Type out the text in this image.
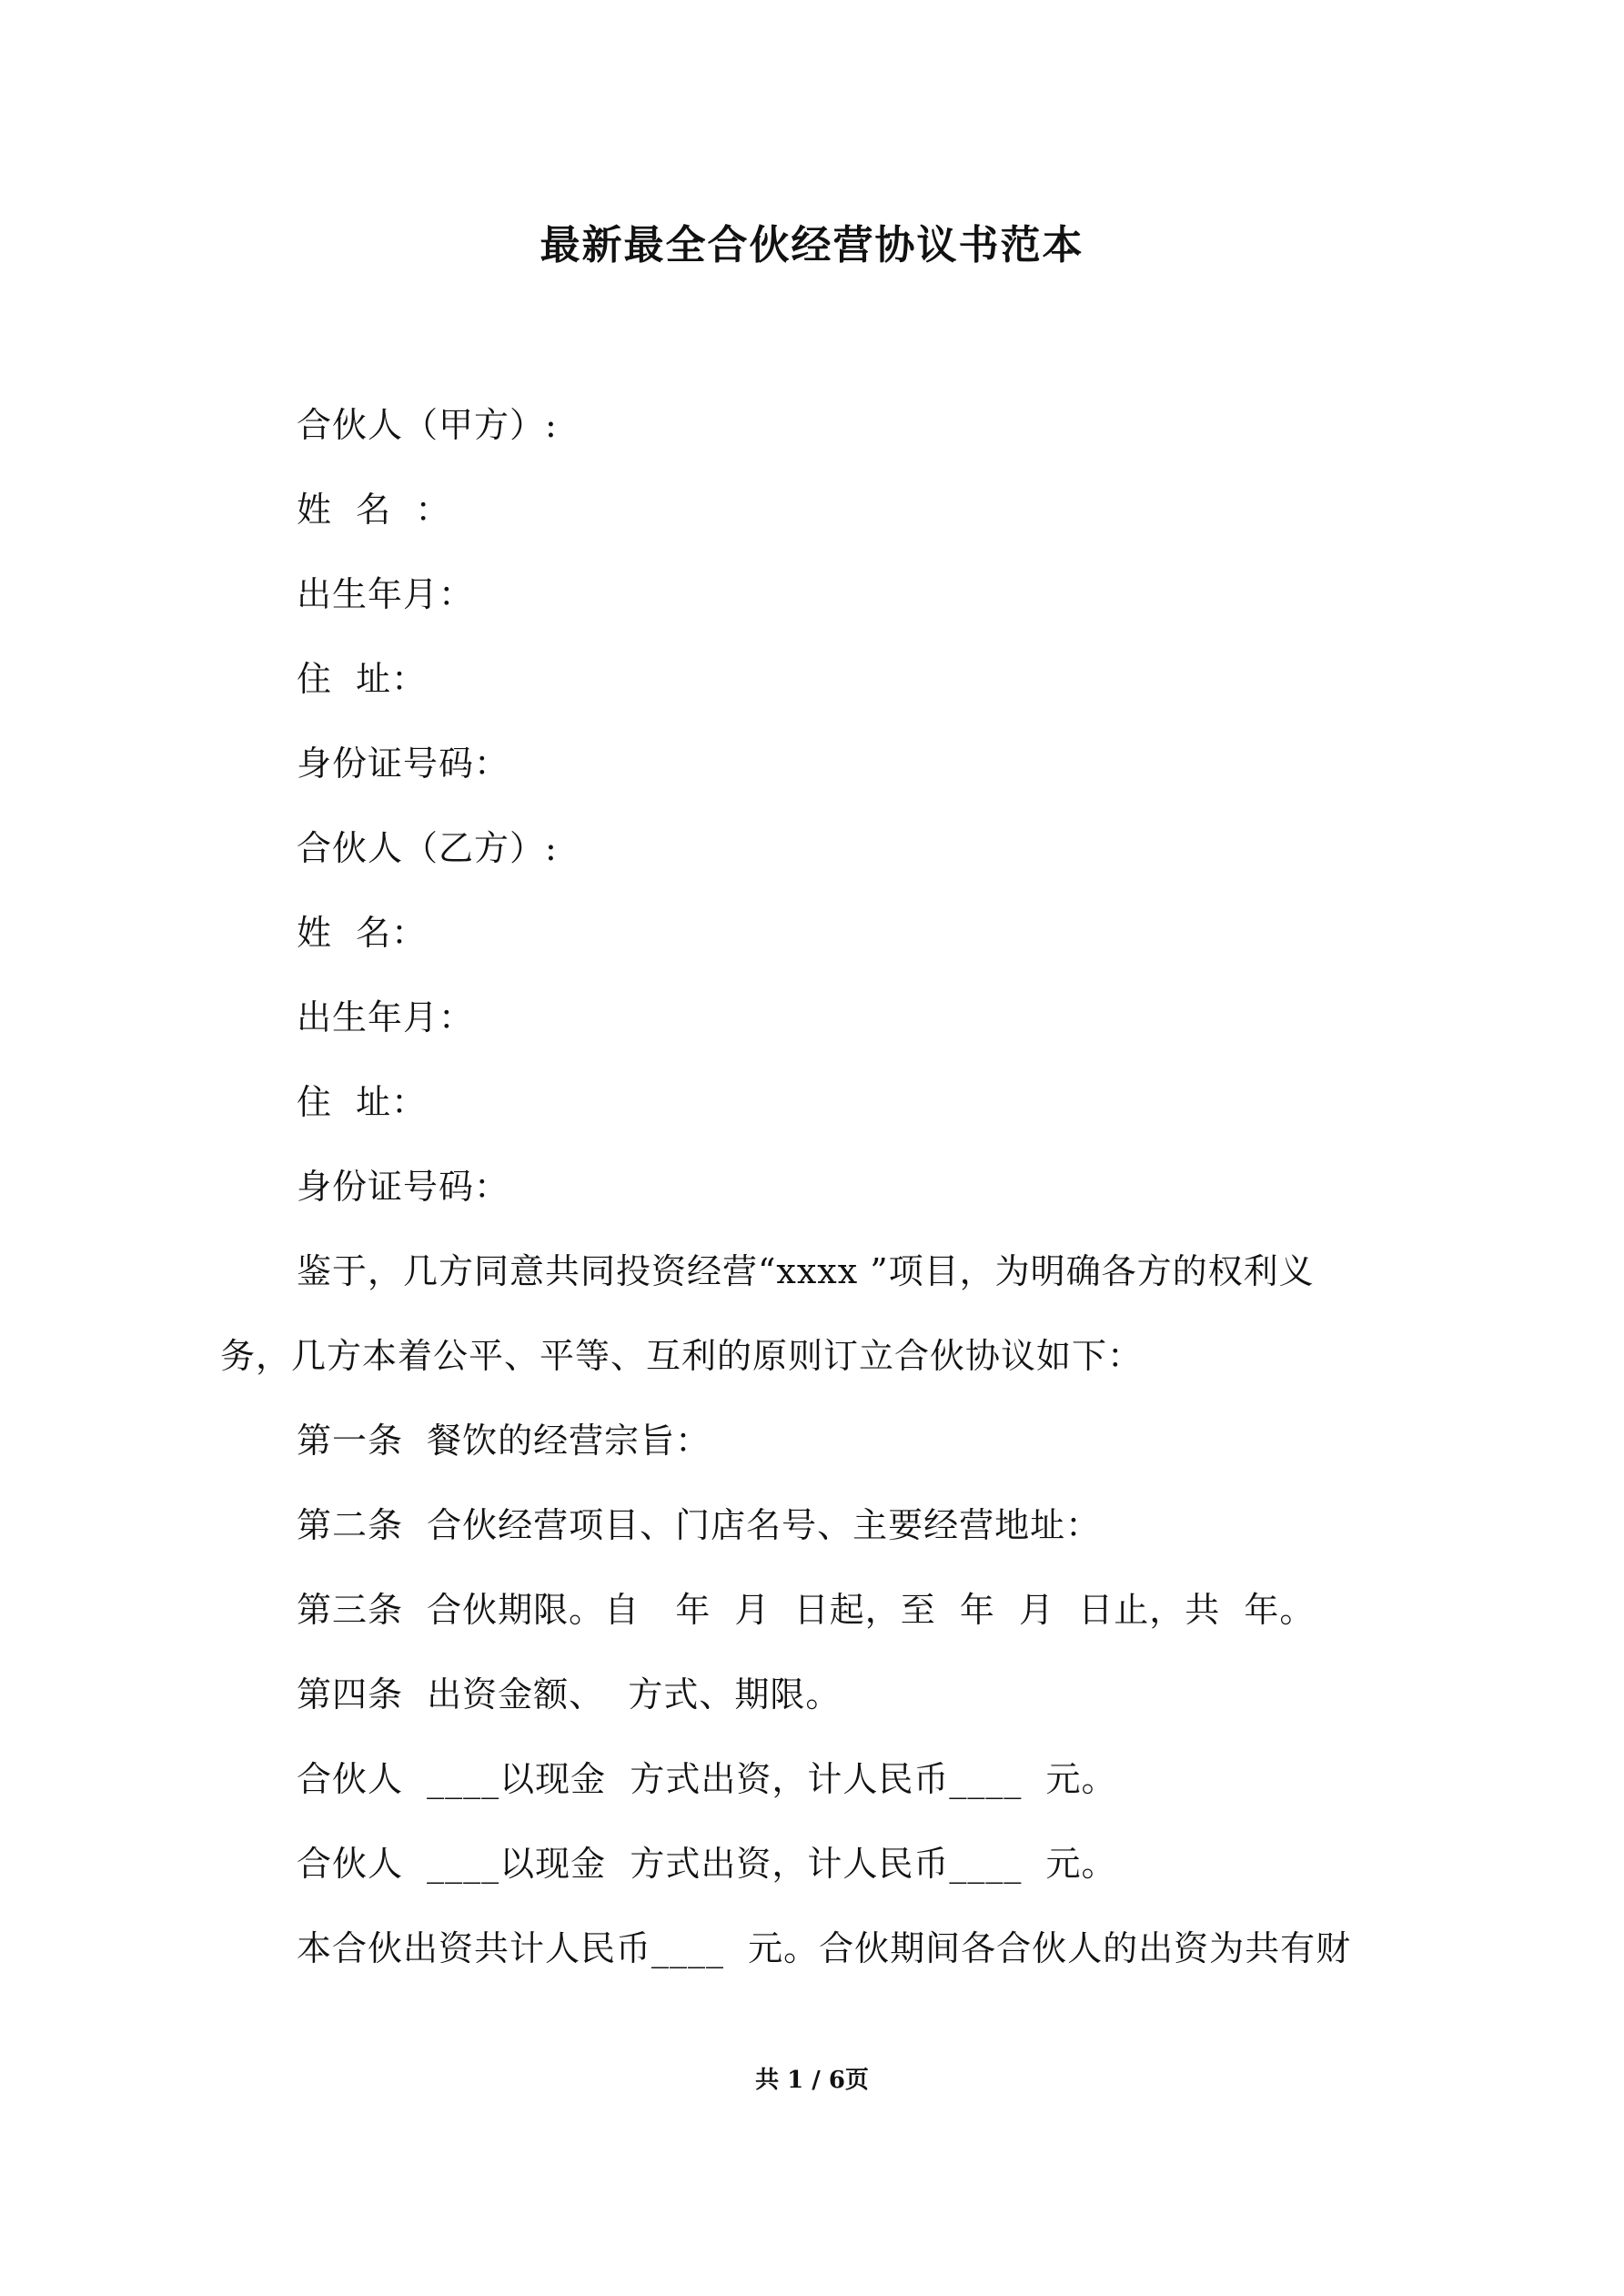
最新最全合伙经营协议书范本
合伙人（甲方）:
姓  名  ：
出生年月：
住  址：
身份证号码：
合伙人（乙方）:
姓  名：
出生年月：
住  址：
身份证号码：
鉴于，几方同意共同投资经营“xxxx ”项目，为明确各方的权利义
务，几方本着公平、平等、互利的原则订立合伙协议如下：
第一条  餐饮的经营宗旨：
第二条  合伙经营项目、门店名号、主要经营地址：
第三条  合伙期限。自   年  月  日起，至  年  月  日止，共  年。
第四条  出资金额、  方式、期限。
合伙人  ____以现金  方式出资，计人民币____  元。
合伙人  ____以现金  方式出资，计人民币____  元。
本合伙出资共计人民币____  元。合伙期间各合伙人的出资为共有财
共 1 / 6页
